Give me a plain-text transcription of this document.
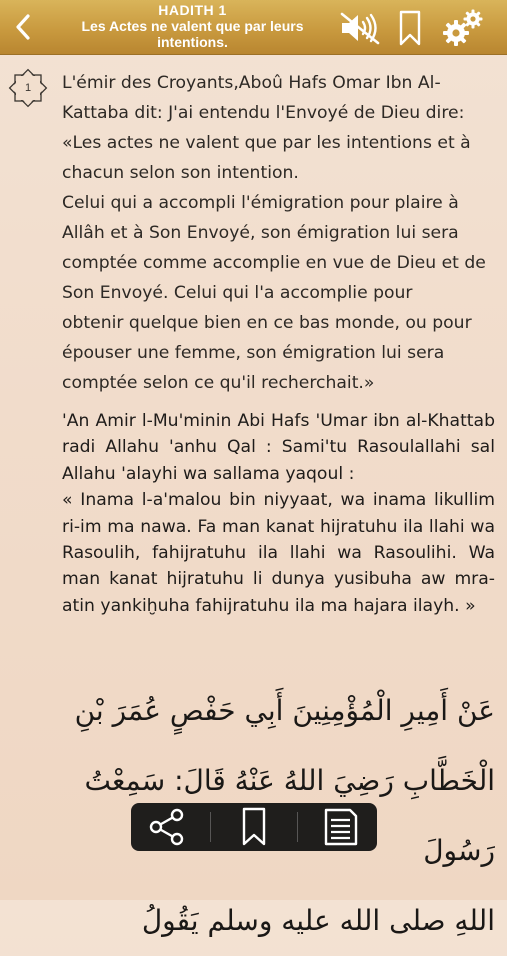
HADITH 1
Les Actes ne valent que par leurs intentions.
1	L'émir des Croyants,Aboû Hafs Omar Ibn Al-
Kattaba dit: J'ai entendu l'Envoyé de Dieu dire:
«Les actes ne valent que par les intentions et à
chacun selon son intention.
Celui qui a accompli l'émigration pour plaire à
Allâh et à Son Envoyé, son émigration lui sera
comptée comme accomplie en vue de Dieu et de
Son Envoyé. Celui qui l'a accomplie pour
obtenir quelque bien en ce bas monde, ou pour
épouser une femme, son émigration lui sera
comptée selon ce qu'il recherchait.»
'An Amir l-Mu'minin Abi Hafs 'Umar ibn al-Khattab radi Allahu 'anhu Qal : Sami'tu Rasoulallahi sal Allahu 'alayhi wa sallama yaqoul :
« Inama l-a'malou bin niyyaat, wa inama likullim ri-im ma nawa. Fa man kanat hijratuhu ila llahi wa Rasoulih, fahijratuhu ila llahi wa Rasoulihi. Wa man kanat hijratuhu li dunya yusibuha aw mra-atin yankiḫuha fahijratuhu ila ma hajara ilayh. »
عَنْ أَمِيرِ الْمُؤْمِنِينَ أَبِي حَفْصٍ عُمَرَ بْنِ
الْخَطَّابِ رَضِيَ اللهُ عَنْهُ قَالَ: سَمِعْتُ رَسُولَ
اللهِ صلى الله عليه وسلم يَقُولُ
